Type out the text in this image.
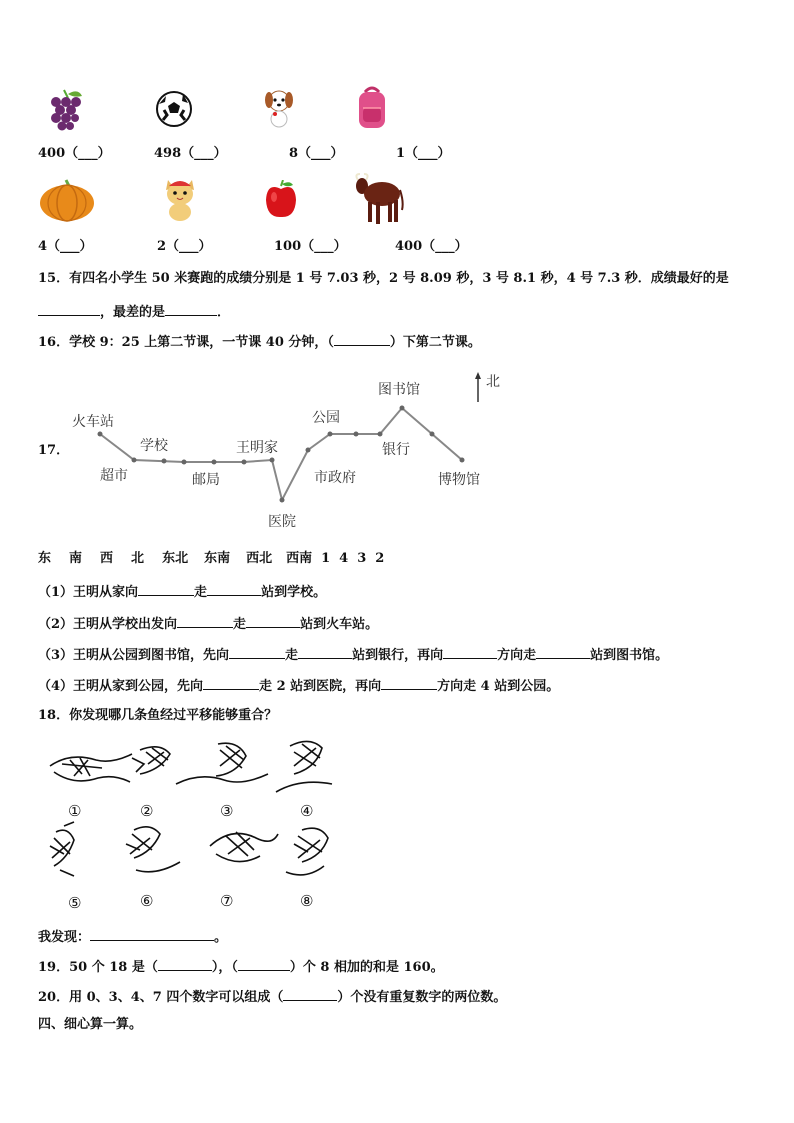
400（___）	498（___）	8（___）	1（___）
4（___）	2（___）	100（___）	400（___）
15．有四名小学生 50 米赛跑的成绩分别是 1 号 7.03 秒，2 号 8.09 秒，3 号 8.1 秒，4 号 7.3 秒．成绩最好的是
，最差的是	．
16．学校 9：25 上第二节课，一节课 40 分钟，（	）下第二节课。
17．
火车站
超市
学校
邮局
王明家
医院
市政府
公园
图书馆
银行
博物馆
北
东 南 西 北 东北 东南 西北 西南 1 4 3 2
（1）王明从家向	走	站到学校。
（2）王明从学校出发向	走	站到火车站。
（3）王明从公园到图书馆，先向	走	站到银行，再向	方向走	站到图书馆。
（4）王明从家到公园，先向	走 2 站到医院，再向	方向走 4 站到公园。
18．你发现哪几条鱼经过平移能够重合？
①	②	③	④
⑤	⑥	⑦	⑧
我发现：	。
19．50 个 18 是（	），（	）个 8 相加的和是 160。
20．用 0、3、4、7 四个数字可以组成（	）个没有重复数字的两位数。
四、细心算一算。
